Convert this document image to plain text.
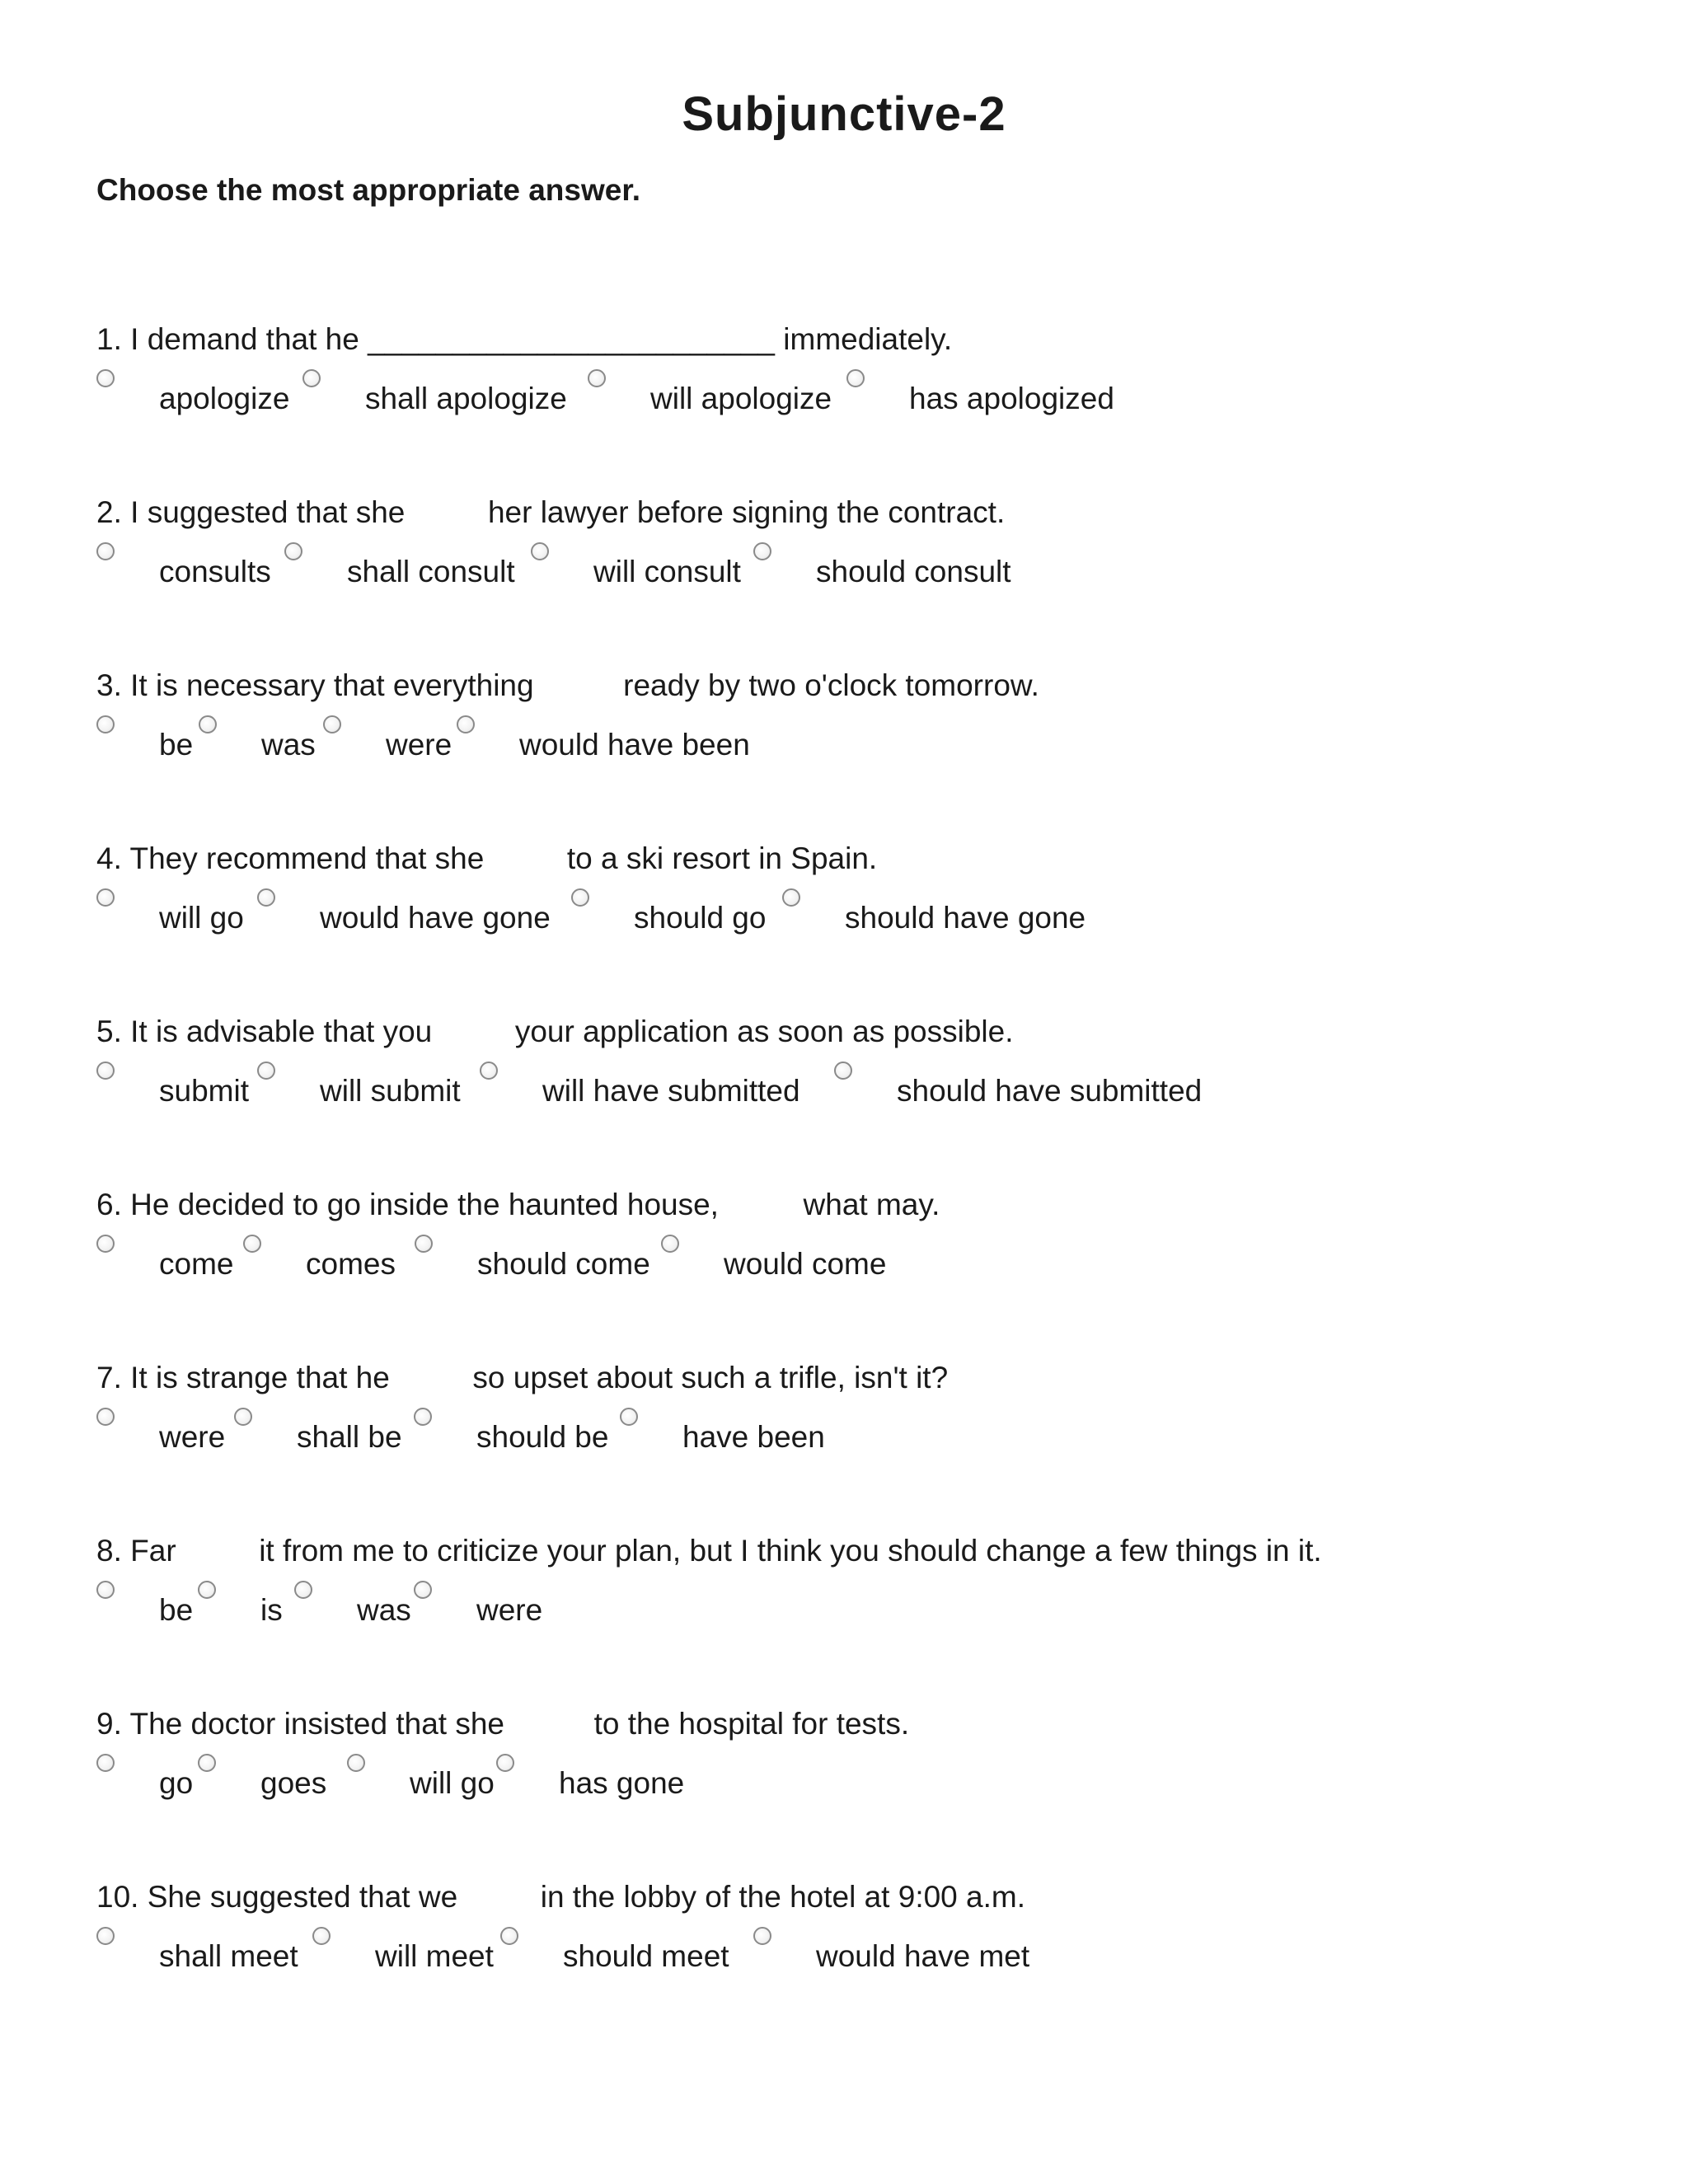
Subjunctive-2
Choose the most appropriate answer.
1. I demand that he ________________________ immediately.
apologize shall apologize	will apologize	has apologized
2. I suggested that she	her lawyer before signing the contract.
consults shall consult	will consult should consult
3. It is necessary that everything	ready by two o'clock tomorrow.
be was were would have been
4. They recommend that she	to a ski resort in Spain.
will go would have gone	should go	should have gone
5. It is advisable that you	your application as soon as possible.
submit will submit	will have submitted	should have submitted
6. He decided to go inside the haunted house,	what may.
come comes	should come would come
7. It is strange that he	so upset about such a trifle, isn't it?
were shall be should be have been
8. Far	it from me to criticize your plan, but I think you should change a few things in it.
be is was were
9. The doctor insisted that she	to the hospital for tests.
go goes	will go has gone
10. She suggested that we	in the lobby of the hotel at 9:00 a.m.
shall meet	will meet should meet	would have met
